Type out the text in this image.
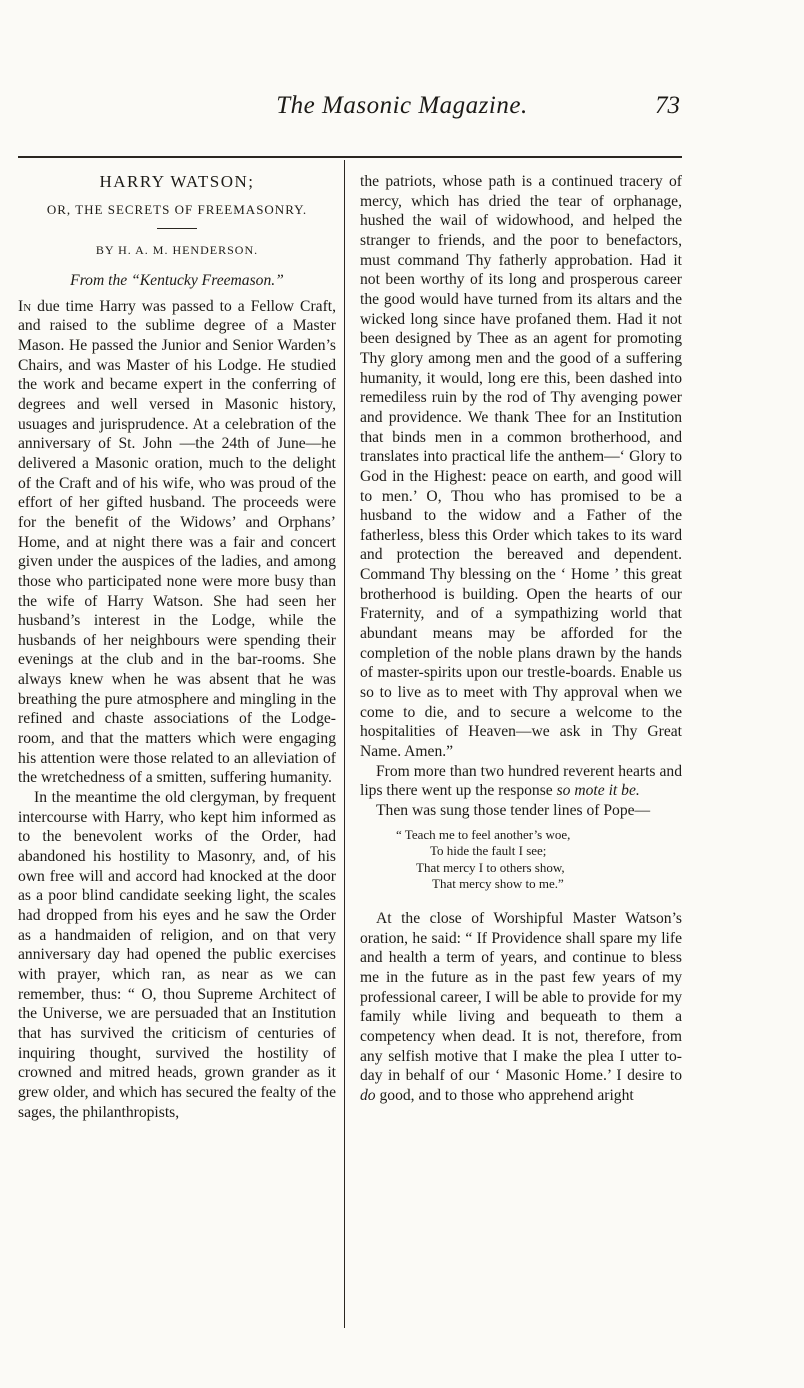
The Masonic Magazine.	73
HARRY WATSON;
OR, THE SECRETS OF FREEMASONRY.
BY H. A. M. HENDERSON.
From the “Kentucky Freemason.”

In due time Harry was passed to a Fellow Craft, and raised to the sublime degree of a Master Mason. He passed the Junior and Senior Warden’s Chairs, and was Master of his Lodge. He studied the work and became expert in the conferring of degrees and well versed in Masonic history, usuages and jurisprudence. At a celebration of the anniversary of St. John —the 24th of June—he delivered a Masonic oration, much to the delight of the Craft and of his wife, who was proud of the effort of her gifted husband. The proceeds were for the benefit of the Widows’ and Orphans’ Home, and at night there was a fair and concert given under the auspices of the ladies, and among those who participated none were more busy than the wife of Harry Watson. She had seen her husband’s interest in the Lodge, while the husbands of her neighbours were spending their evenings at the club and in the bar-rooms. She always knew when he was absent that he was breathing the pure atmosphere and mingling in the refined and chaste associations of the Lodge-room, and that the matters which were engaging his attention were those related to an alleviation of the wretchedness of a smitten, suffering humanity.

In the meantime the old clergyman, by frequent intercourse with Harry, who kept him informed as to the benevolent works of the Order, had abandoned his hostility to Masonry, and, of his own free will and accord had knocked at the door as a poor blind candidate seeking light, the scales had dropped from his eyes and he saw the Order as a handmaiden of religion, and on that very anniversary day had opened the public exercises with prayer, which ran, as near as we can remember, thus: “ O, thou Supreme Architect of the Universe, we are persuaded that an Institution that has survived the criticism of centuries of inquiring thought, survived the hostility of crowned and mitred heads, grown grander as it grew older, and which has secured the fealty of the sages, the philanthropists,

the patriots, whose path is a continued tracery of mercy, which has dried the tear of orphanage, hushed the wail of widowhood, and helped the stranger to friends, and the poor to benefactors, must command Thy fatherly approbation. Had it not been worthy of its long and prosperous career the good would have turned from its altars and the wicked long since have profaned them. Had it not been designed by Thee as an agent for promoting Thy glory among men and the good of a suffering humanity, it would, long ere this, been dashed into remediless ruin by the rod of Thy avenging power and providence. We thank Thee for an Institution that binds men in a common brotherhood, and translates into practical life the anthem—‘ Glory to God in the Highest: peace on earth, and good will to men.’ O, Thou who has promised to be a husband to the widow and a Father of the fatherless, bless this Order which takes to its ward and protection the bereaved and dependent. Command Thy blessing on the ‘ Home ’ this great brotherhood is building. Open the hearts of our Fraternity, and of a sympathizing world that abundant means may be afforded for the completion of the noble plans drawn by the hands of master-spirits upon our trestle-boards. Enable us so to live as to meet with Thy approval when we come to die, and to secure a welcome to the hospitalities of Heaven—we ask in Thy Great Name. Amen.”

From more than two hundred reverent hearts and lips there went up the response so mote it be.

Then was sung those tender lines of Pope—

“ Teach me to feel another’s woe,
To hide the fault I see;
That mercy I to others show,
That mercy show to me.”

At the close of Worshipful Master Watson’s oration, he said: “ If Providence shall spare my life and health a term of years, and continue to bless me in the future as in the past few years of my professional career, I will be able to provide for my family while living and bequeath to them a competency when dead. It is not, therefore, from any selfish motive that I make the plea I utter to-day in behalf of our ‘ Masonic Home.’ I desire to do good, and to those who apprehend aright
